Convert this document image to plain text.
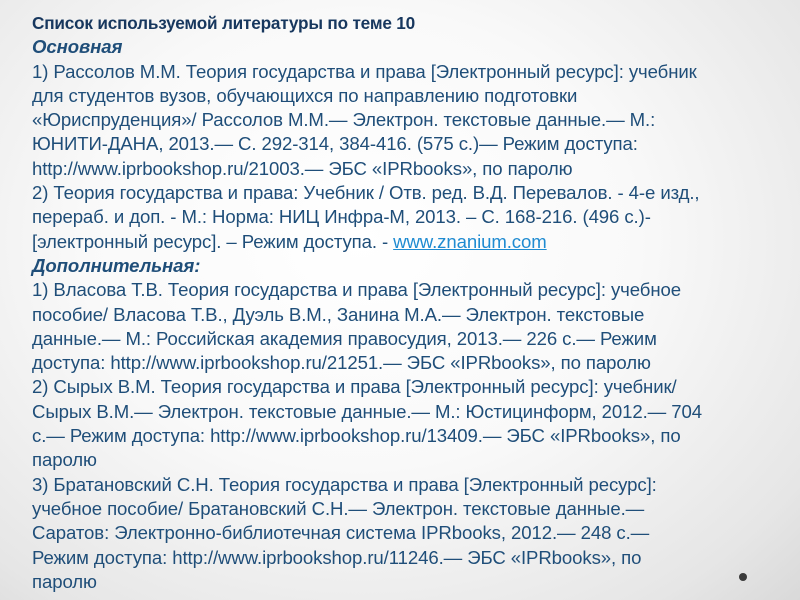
Список используемой литературы по теме 10
Основная
1) Рассолов М.М. Теория государства и права [Электронный ресурс]: учебник
для студентов вузов, обучающихся по направлению подготовки
«Юриспруденция»/ Рассолов М.М.— Электрон. текстовые данные.— М.:
ЮНИТИ-ДАНА, 2013.— С. 292-314, 384-416. (575 с.)— Режим доступа:
http://www.iprbookshop.ru/21003.— ЭБС «IPRbooks», по паролю
2) Теория государства и права: Учебник / Отв. ред. В.Д. Перевалов. - 4-е изд.,
перераб. и доп. - М.: Норма: НИЦ Инфра-М, 2013. – С. 168-216. (496 с.)-
[электронный ресурс]. – Режим доступа. - www.znanium.com
Дополнительная:
1) Власова Т.В. Теория государства и права [Электронный ресурс]: учебное
пособие/ Власова Т.В., Дуэль В.М., Занина М.А.— Электрон. текстовые
данные.— М.: Российская академия правосудия, 2013.— 226 с.— Режим
доступа: http://www.iprbookshop.ru/21251.— ЭБС «IPRbooks», по паролю
2) Сырых В.М. Теория государства и права [Электронный ресурс]: учебник/
Сырых В.М.— Электрон. текстовые данные.— М.: Юстицинформ, 2012.— 704
с.— Режим доступа: http://www.iprbookshop.ru/13409.— ЭБС «IPRbooks», по
паролю
3) Братановский С.Н. Теория государства и права [Электронный ресурс]:
учебное пособие/ Братановский С.Н.— Электрон. текстовые данные.—
Саратов: Электронно-библиотечная система IPRbooks, 2012.— 248 с.—
Режим доступа: http://www.iprbookshop.ru/11246.— ЭБС «IPRbooks», по
паролю
